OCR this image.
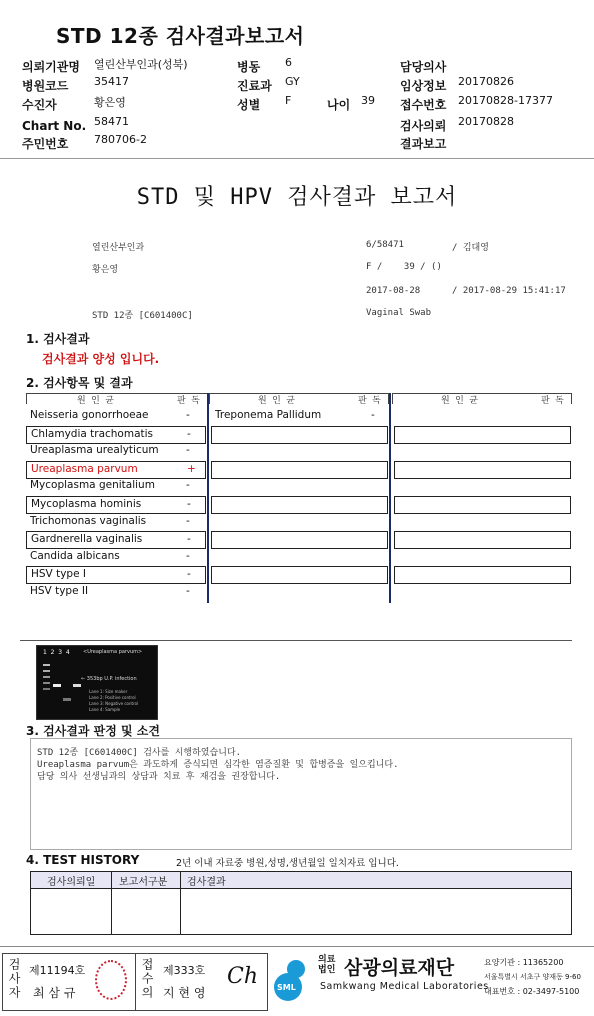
STD 12종 검사결과보고서
의뢰기관명 열린산부인과(성북)
병원코드 35417
수진자	황은영
Chart No. 58471
주민번호 780706-2
병동 6
진료과 GY
성별 F	나이 39
담당의사
임상정보 20170826
접수번호 20170828-17377
검사의뢰 20170828
결과보고
STD 및 HPV 검사결과 보고서
열린산부인과
황은영
STD 12종 [C601400C]
6/58471	/ 김대영
F /    39 / ()
2017-08-28	/ 2017-08-29 15:41:17
Vaginal Swab
1. 검사결과
검사결과 양성 입니다.
2. 검사항목 및 결과
원 인 균	판 독	원 인 균	판 독	원 인 균	판 독
Neisseria gonorrhoeae	-
Chlamydia trachomatis	-
Ureaplasma urealyticum	-
Ureaplasma parvum	+
Mycoplasma genitalium	-
Mycoplasma hominis	-
Trichomonas vaginalis	-
Gardnerella vaginalis	-
Candida albicans	-
HSV type I	-
HSV type II	-
Treponema Pallidum	-
1  2  3  4	<Ureaplasma parvum>
← 353bp U.P. infection
Lane 1: Size maker
Lane 2: Positive control
Lane 3: Negative control
Lane 4: Sample
3. 검사결과 판정 및 소견
STD 12종 [C601400C] 검사를 시행하였습니다.
Ureaplasma parvum은 과도하게 증식되면 심각한 염증질환 및 합병증을 일으킵니다.
담당 의사 선생님과의 상담과 치료 후 재검을 권장합니다.
4. TEST HISTORY	2년 이내 자료중 병원,성명,생년월일 일치자료 입니다.
검사의뢰일 보고서구분 검사결과
검사자 제11194호
최 삼 규	접수의 제333호
지 현 영
Ch SML
의료법인 삼광의료재단
Samkwang Medical Laboratories
요양기관 : 11365200
서울특별시 서초구 양재동 9-60
대표번호 : 02-3497-5100
